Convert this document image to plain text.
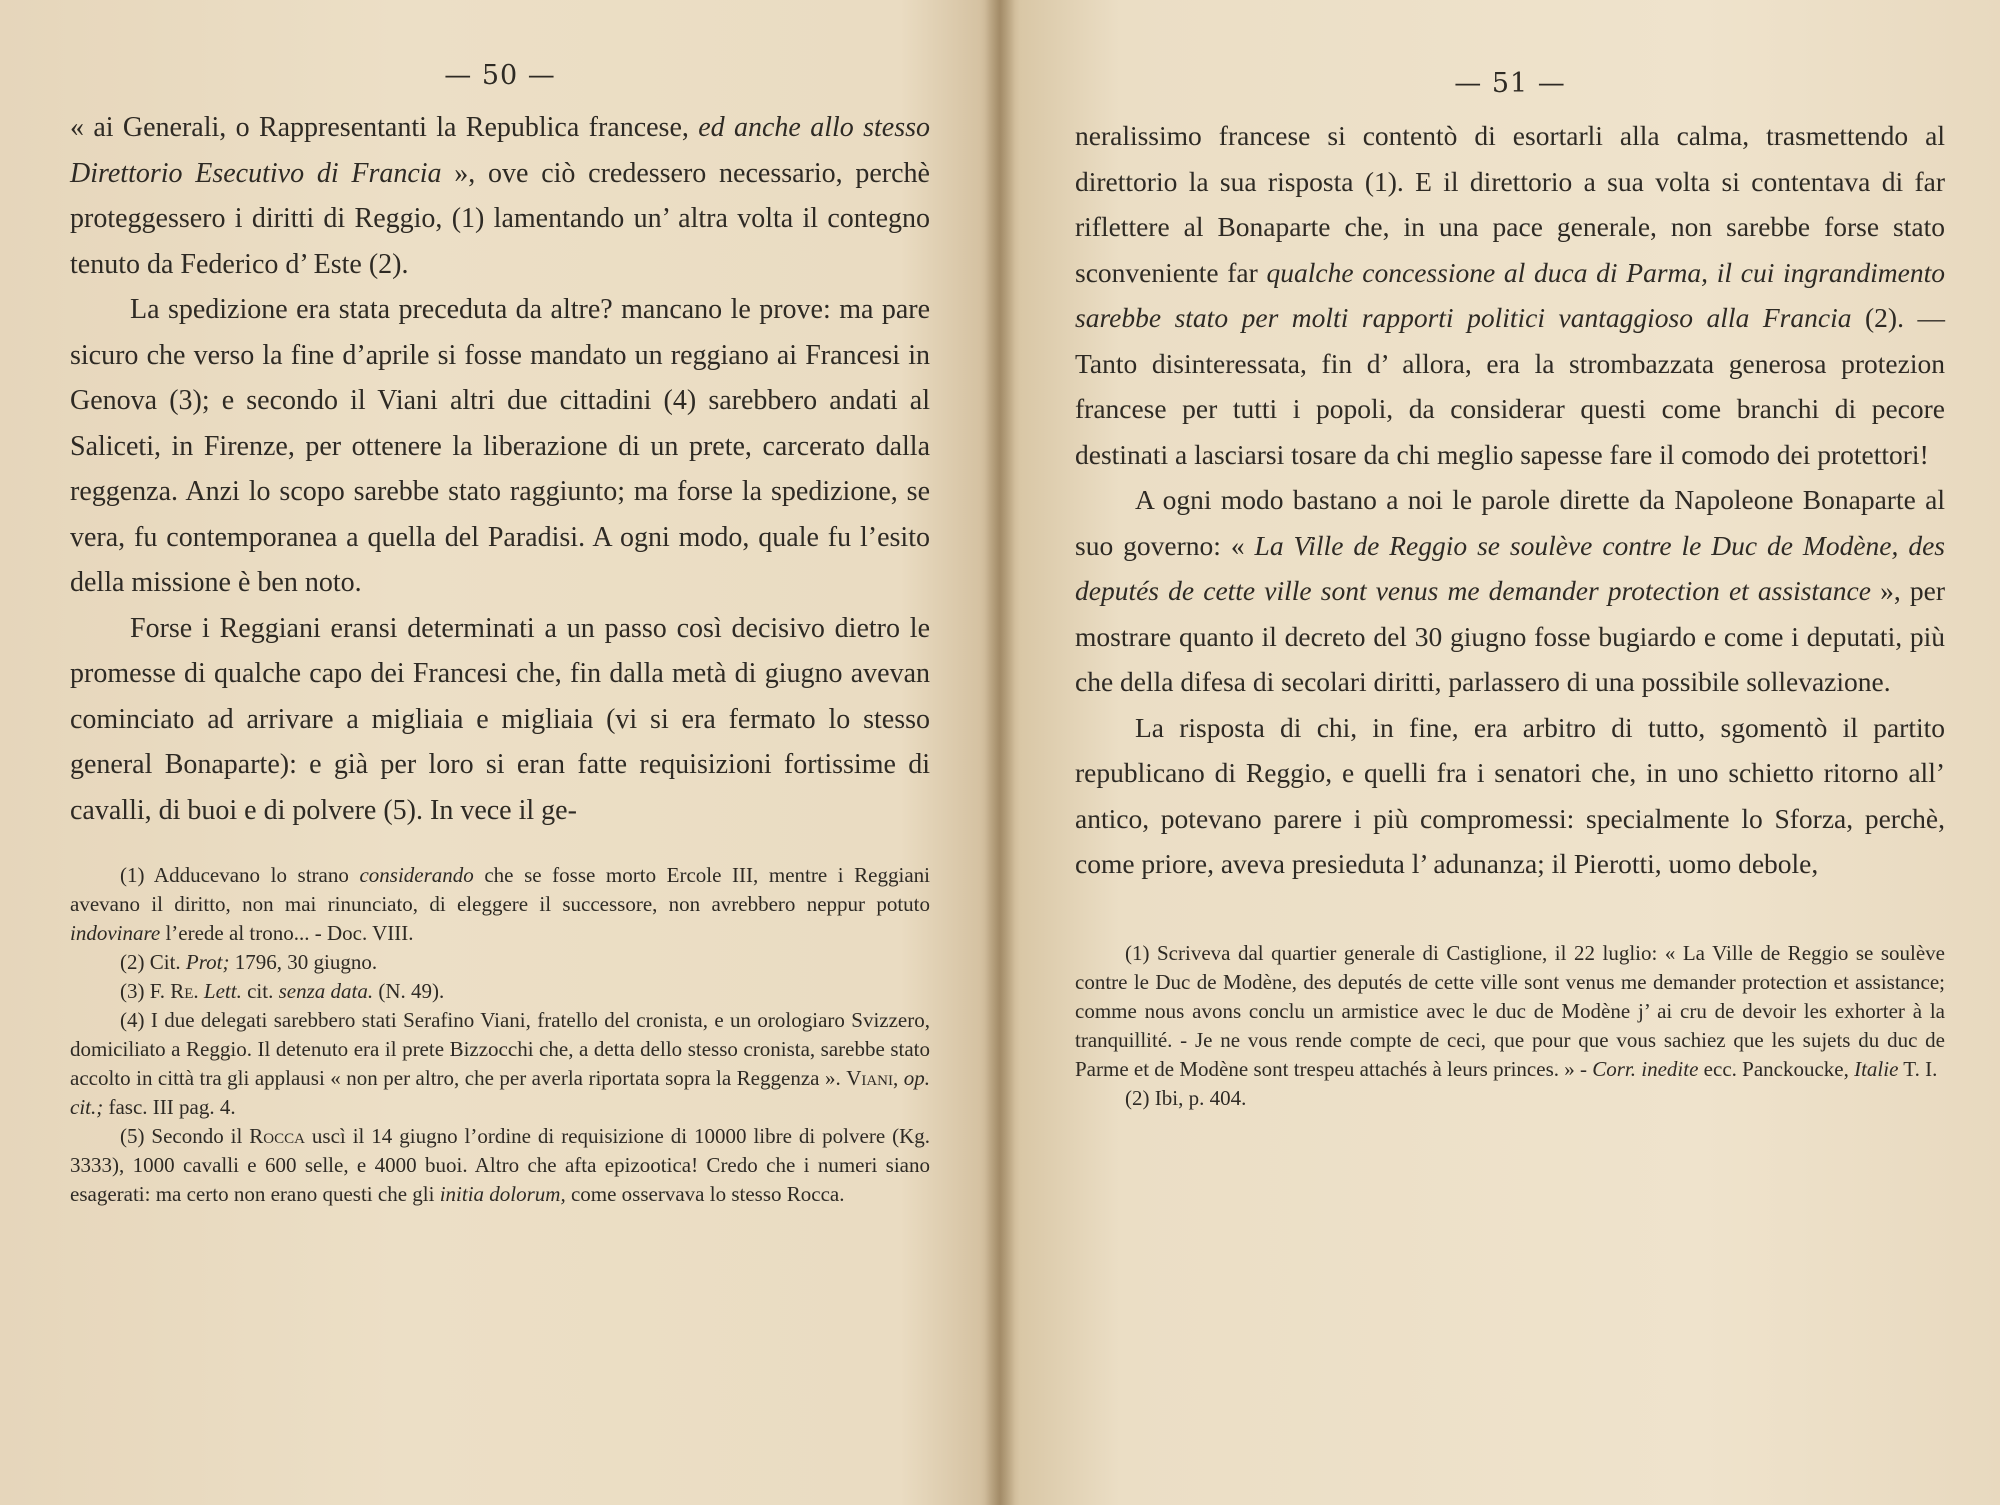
— 50 —

« ai Generali, o Rappresentanti la Republica francese, ed anche allo stesso Direttorio Esecutivo di Francia », ove ciò credessero necessario, perchè proteggessero i diritti di Reggio, (1) lamentando un’ altra volta il contegno tenuto da Federico d’ Este (2).

La spedizione era stata preceduta da altre? mancano le prove: ma pare sicuro che verso la fine d’aprile si fosse mandato un reggiano ai Francesi in Genova (3); e secondo il Viani altri due cittadini (4) sarebbero andati al Saliceti, in Firenze, per ottenere la liberazione di un prete, carcerato dalla reggenza. Anzi lo scopo sarebbe stato raggiunto; ma forse la spedizione, se vera, fu contemporanea a quella del Paradisi. A ogni modo, quale fu l’esito della missione è ben noto.

Forse i Reggiani eransi determinati a un passo così decisivo dietro le promesse di qualche capo dei Francesi che, fin dalla metà di giugno avevan cominciato ad arrivare a migliaia e migliaia (vi si era fermato lo stesso general Bonaparte): e già per loro si eran fatte requisizioni fortissime di cavalli, di buoi e di polvere (5). In vece il ge-

(1) Adducevano lo strano considerando che se fosse morto Ercole III, mentre i Reggiani avevano il diritto, non mai rinunciato, di eleggere il successore, non avrebbero neppur potuto indovinare l’erede al trono... - Doc. VIII.

(2) Cit. Prot; 1796, 30 giugno.

(3) F. Re. Lett. cit. senza data. (N. 49).

(4) I due delegati sarebbero stati Serafino Viani, fratello del cronista, e un orologiaro Svizzero, domiciliato a Reggio. Il detenuto era il prete Bizzocchi che, a detta dello stesso cronista, sarebbe stato accolto in città tra gli applausi « non per altro, che per averla riportata sopra la Reggenza ». Viani, op. cit.; fasc. III pag. 4.

(5) Secondo il Rocca uscì il 14 giugno l’ordine di requisizione di 10000 libre di polvere (Kg. 3333), 1000 cavalli e 600 selle, e 4000 buoi. Altro che afta epizootica! Credo che i numeri siano esagerati: ma certo non erano questi che gli initia dolorum, come osservava lo stesso Rocca.

— 51 —

neralissimo francese si contentò di esortarli alla calma, trasmettendo al direttorio la sua risposta (1). E il direttorio a sua volta si contentava di far riflettere al Bonaparte che, in una pace generale, non sarebbe forse stato sconveniente far qualche concessione al duca di Parma, il cui ingrandimento sarebbe stato per molti rapporti politici vantaggioso alla Francia (2). — Tanto disinteressata, fin d’ allora, era la strombazzata generosa protezion francese per tutti i popoli, da considerar questi come branchi di pecore destinati a lasciarsi tosare da chi meglio sapesse fare il comodo dei protettori!

A ogni modo bastano a noi le parole dirette da Napoleone Bonaparte al suo governo: « La Ville de Reggio se soulève contre le Duc de Modène, des deputés de cette ville sont venus me demander protection et assistance », per mostrare quanto il decreto del 30 giugno fosse bugiardo e come i deputati, più che della difesa di secolari diritti, parlassero di una possibile sollevazione.

La risposta di chi, in fine, era arbitro di tutto, sgomentò il partito republicano di Reggio, e quelli fra i senatori che, in uno schietto ritorno all’ antico, potevano parere i più compromessi: specialmente lo Sforza, perchè, come priore, aveva presieduta l’ adunanza; il Pierotti, uomo debole,

(1) Scriveva dal quartier generale di Castiglione, il 22 luglio: « La Ville de Reggio se soulève contre le Duc de Modène, des deputés de cette ville sont venus me demander protection et assistance; comme nous avons conclu un armistice avec le duc de Modène j’ ai cru de devoir les exhorter à la tranquillité. - Je ne vous rende compte de ceci, que pour que vous sachiez que les sujets du duc de Parme et de Modène sont trespeu attachés à leurs princes. » - Corr. inedite ecc. Panckoucke, Italie T. I.

(2) Ibi, p. 404.
